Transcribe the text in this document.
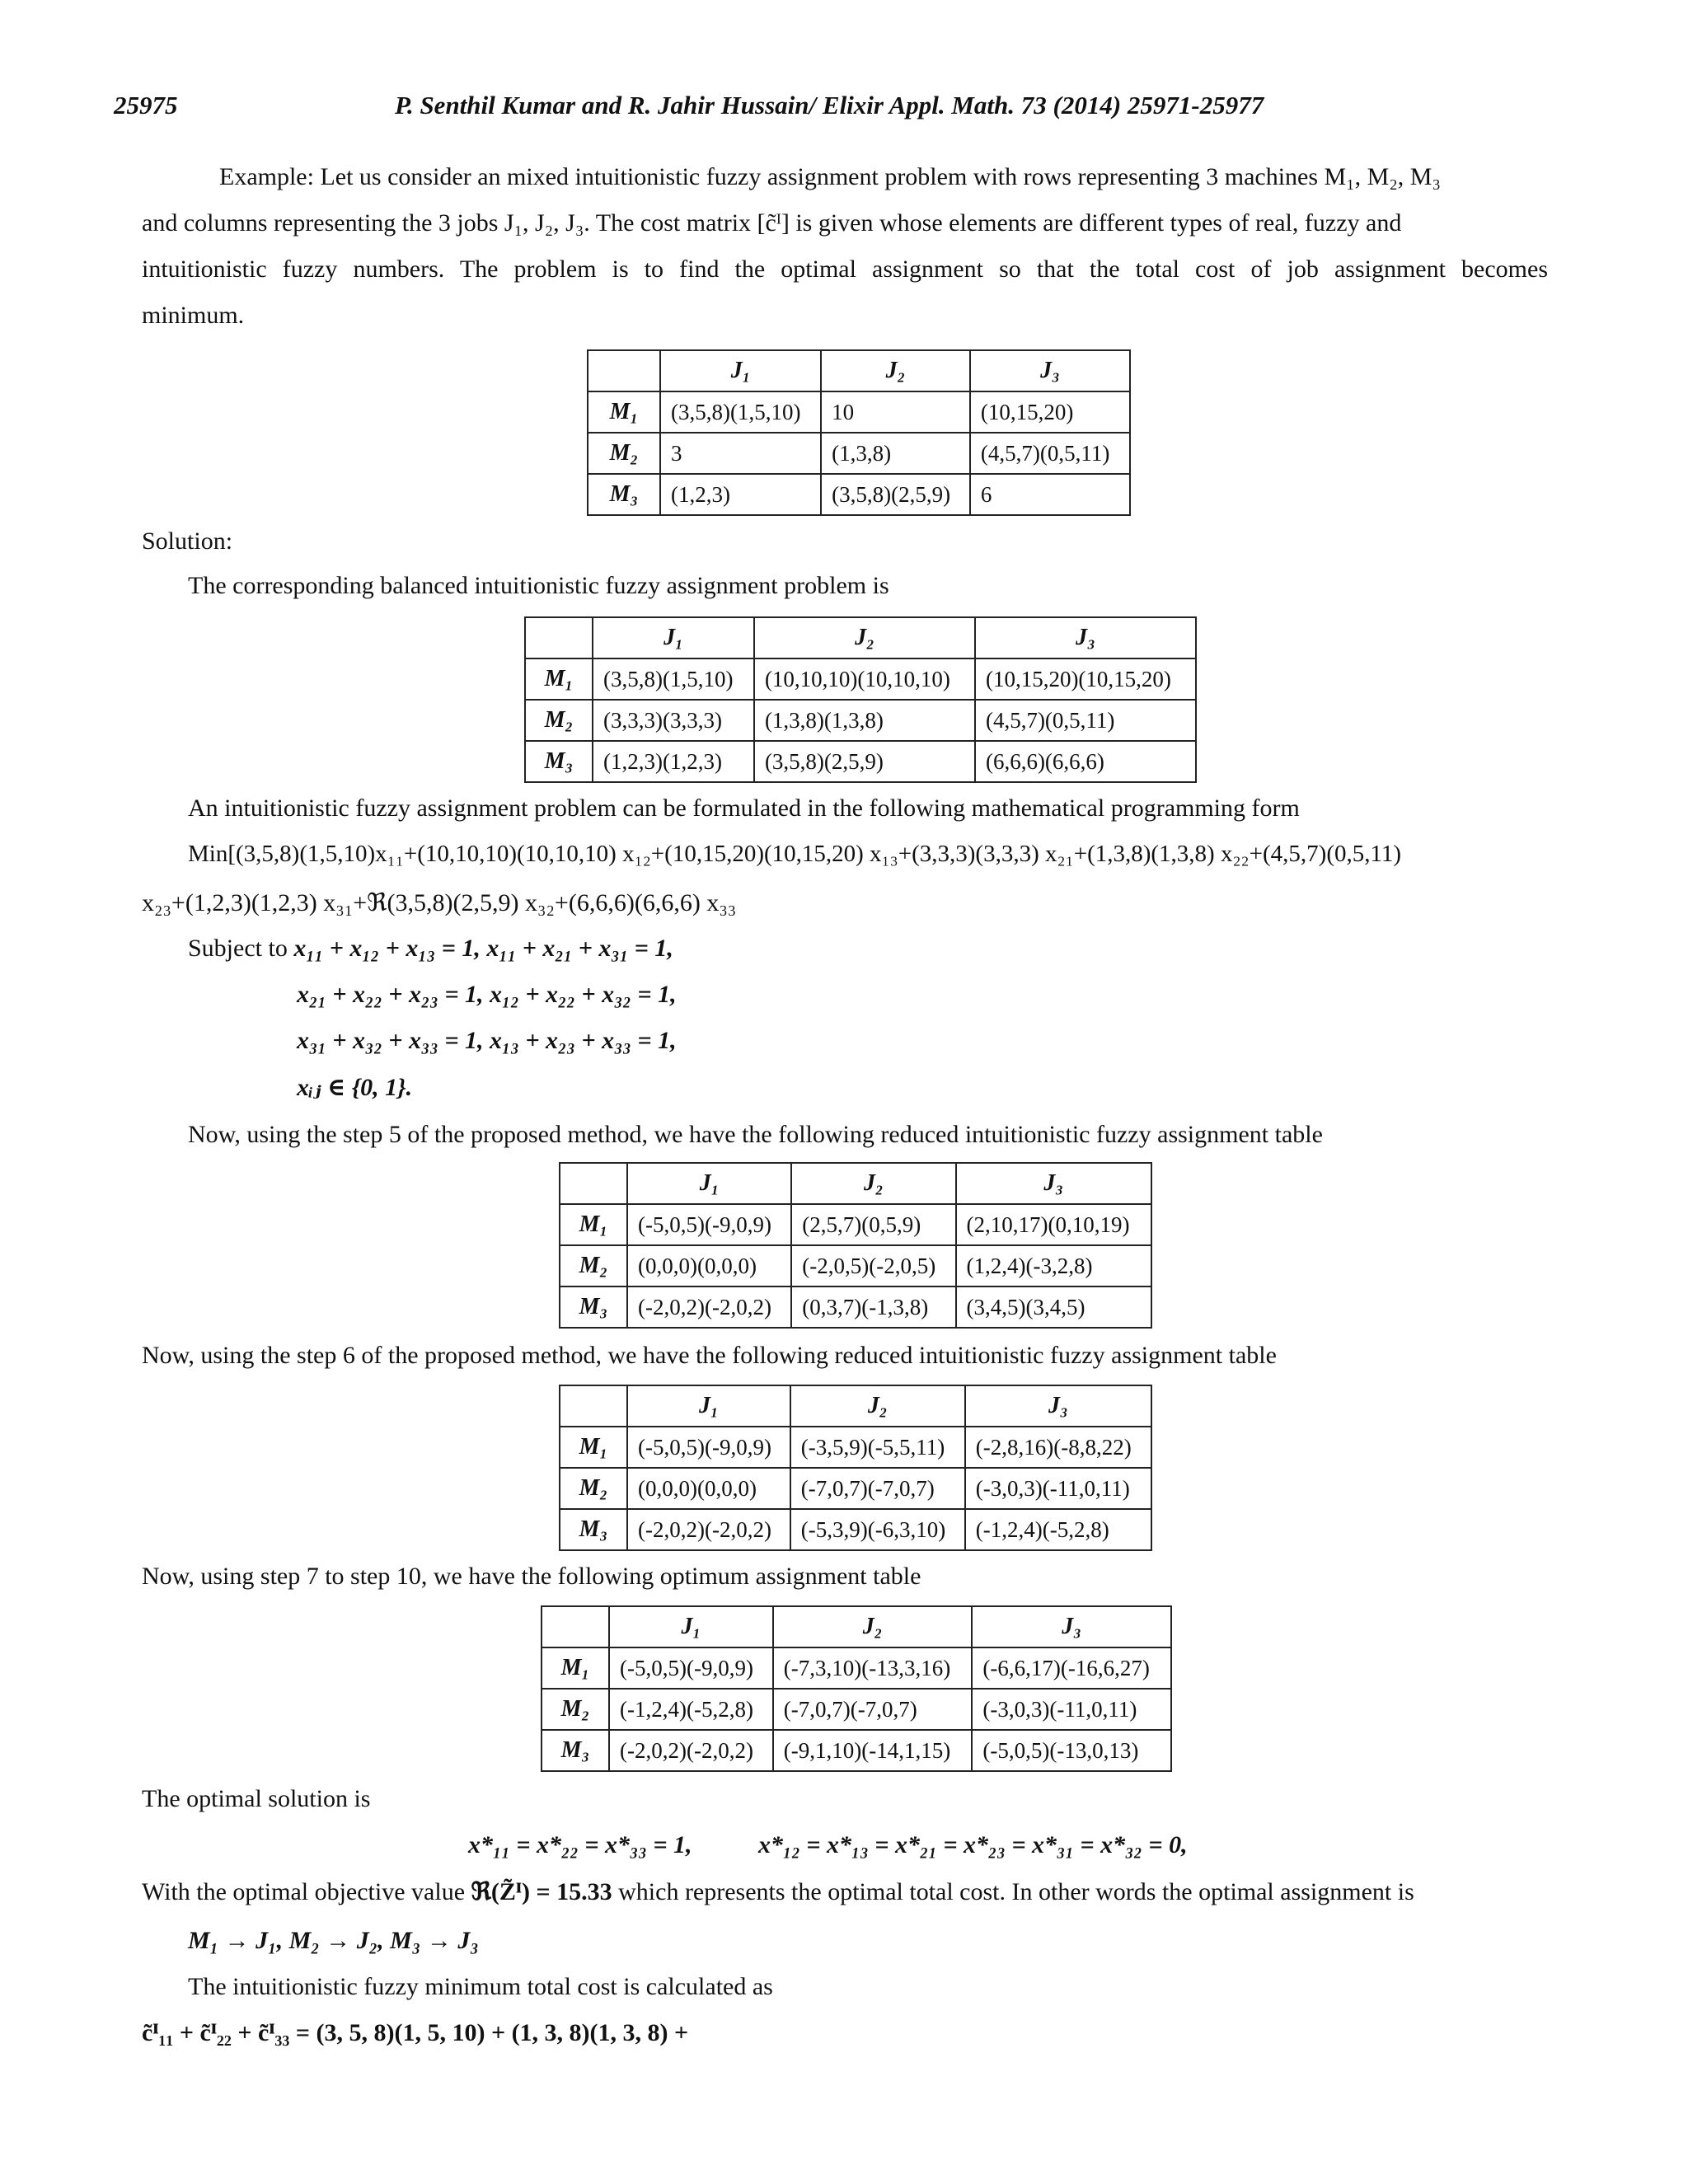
25975	P. Senthil Kumar and R. Jahir Hussain/ Elixir Appl. Math. 73 (2014) 25971-25977
Example: Let us consider an mixed intuitionistic fuzzy assignment problem with rows representing 3 machines M₁, M₂, M₃
and columns representing the 3 jobs J₁, J₂, J₃. The cost matrix [c̃ᴵ] is given whose elements are different types of real, fuzzy and
intuitionistic fuzzy numbers. The problem is to find the optimal assignment so that the total cost of job assignment becomes
minimum.
	J₁	J₂	J₃
M₁	(3,5,8)(1,5,10)	10	(10,15,20)
M₂	3	(1,3,8)	(4,5,7)(0,5,11)
M₃	(1,2,3)	(3,5,8)(2,5,9)	6
Solution:
The corresponding balanced intuitionistic fuzzy assignment problem is
	J₁	J₂	J₃
M₁	(3,5,8)(1,5,10)	(10,10,10)(10,10,10)	(10,15,20)(10,15,20)
M₂	(3,3,3)(3,3,3)	(1,3,8)(1,3,8)	(4,5,7)(0,5,11)
M₃	(1,2,3)(1,2,3)	(3,5,8)(2,5,9)	(6,6,6)(6,6,6)
An intuitionistic fuzzy assignment problem can be formulated in the following mathematical programming form
Min[(3,5,8)(1,5,10)x₁₁+(10,10,10)(10,10,10) x₁₂+(10,15,20)(10,15,20) x₁₃+(3,3,3)(3,3,3) x₂₁+(1,3,8)(1,3,8) x₂₂+(4,5,7)(0,5,11)
x₂₃+(1,2,3)(1,2,3) x₃₁+ℜ(3,5,8)(2,5,9) x₃₂+(6,6,6)(6,6,6) x₃₃
Subject to x₁₁ + x₁₂ + x₁₃ = 1, x₁₁ + x₂₁ + x₃₁ = 1,
x₂₁ + x₂₂ + x₂₃ = 1, x₁₂ + x₂₂ + x₃₂ = 1,
x₃₁ + x₃₂ + x₃₃ = 1, x₁₃ + x₂₃ + x₃₃ = 1,
xᵢⱼ ∈ {0, 1}.
Now, using the step 5 of the proposed method, we have the following reduced intuitionistic fuzzy assignment table
	J₁	J₂	J₃
M₁	(-5,0,5)(-9,0,9)	(2,5,7)(0,5,9)	(2,10,17)(0,10,19)
M₂	(0,0,0)(0,0,0)	(-2,0,5)(-2,0,5)	(1,2,4)(-3,2,8)
M₃	(-2,0,2)(-2,0,2)	(0,3,7)(-1,3,8)	(3,4,5)(3,4,5)
Now, using the step 6 of the proposed method, we have the following reduced intuitionistic fuzzy assignment table
	J₁	J₂	J₃
M₁	(-5,0,5)(-9,0,9)	(-3,5,9)(-5,5,11)	(-2,8,16)(-8,8,22)
M₂	(0,0,0)(0,0,0)	(-7,0,7)(-7,0,7)	(-3,0,3)(-11,0,11)
M₃	(-2,0,2)(-2,0,2)	(-5,3,9)(-6,3,10)	(-1,2,4)(-5,2,8)
Now, using step 7 to step 10, we have the following optimum assignment table
	J₁	J₂	J₃
M₁	(-5,0,5)(-9,0,9)	(-7,3,10)(-13,3,16)	(-6,6,17)(-16,6,27)
M₂	(-1,2,4)(-5,2,8)	(-7,0,7)(-7,0,7)	(-3,0,3)(-11,0,11)
M₃	(-2,0,2)(-2,0,2)	(-9,1,10)(-14,1,15)	(-5,0,5)(-13,0,13)
The optimal solution is
x*₁₁ = x*₂₂ = x*₃₃ = 1,	x*₁₂ = x*₁₃ = x*₂₁ = x*₂₃ = x*₃₁ = x*₃₂ = 0,
With the optimal objective value ℜ(Z̃ᴵ) = 15.33 which represents the optimal total cost. In other words the optimal assignment is
M₁ → J₁, M₂ → J₂, M₃ → J₃
The intuitionistic fuzzy minimum total cost is calculated as
c̃ᴵ₁₁ + c̃ᴵ₂₂ + c̃ᴵ₃₃ = (3, 5, 8)(1, 5, 10) + (1, 3, 8)(1, 3, 8) +
